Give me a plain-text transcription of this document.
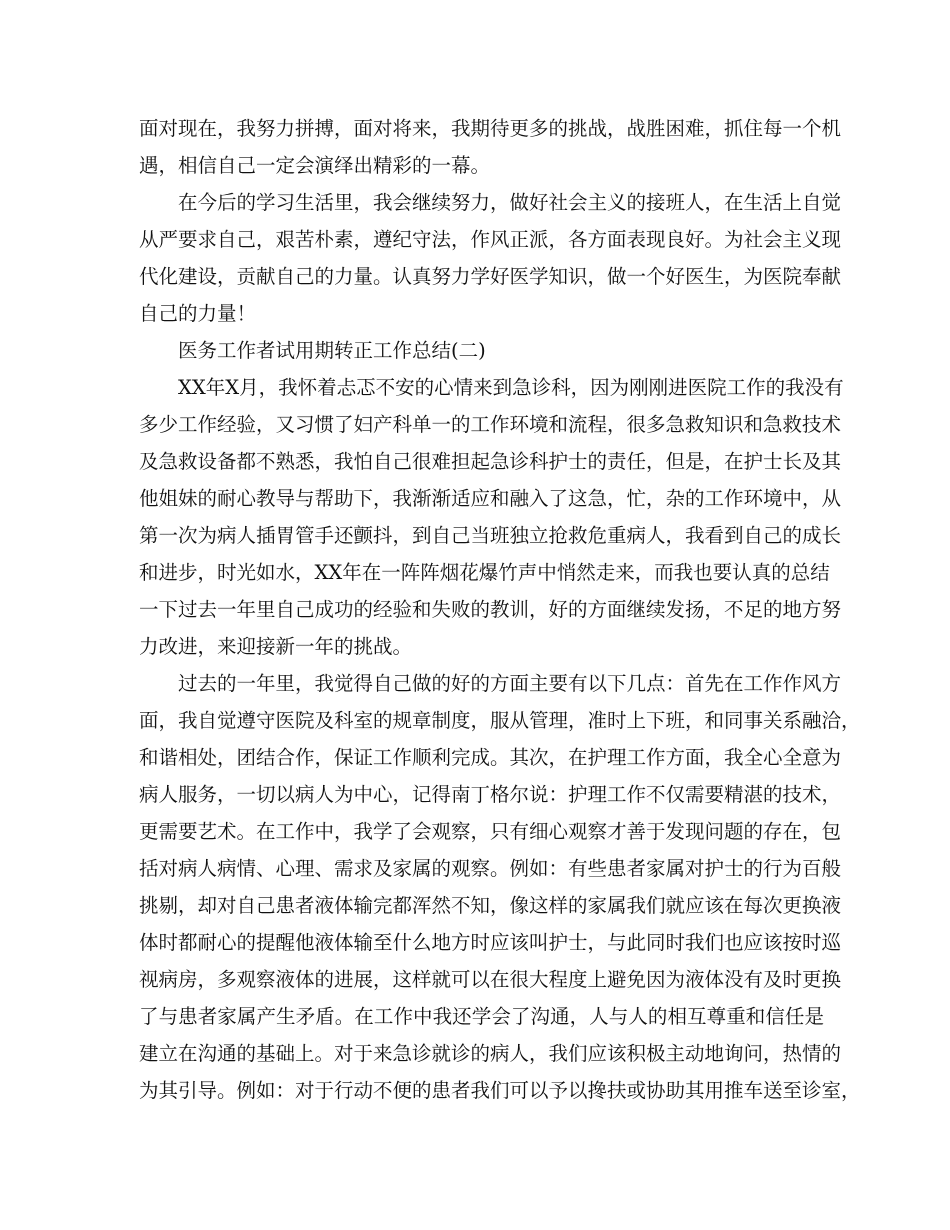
面对现在，我努力拼搏，面对将来，我期待更多的挑战，战胜困难，抓住每一个机
遇，相信自己一定会演绎出精彩的一幕。
在今后的学习生活里，我会继续努力，做好社会主义的接班人，在生活上自觉
从严要求自己，艰苦朴素，遵纪守法，作风正派，各方面表现良好。为社会主义现
代化建设，贡献自己的力量。认真努力学好医学知识，做一个好医生，为医院奉献
自己的力量！
医务工作者试用期转正工作总结(二)
XX年X月，我怀着忐忑不安的心情来到急诊科，因为刚刚进医院工作的我没有
多少工作经验，又习惯了妇产科单一的工作环境和流程，很多急救知识和急救技术
及急救设备都不熟悉，我怕自己很难担起急诊科护士的责任，但是，在护士长及其
他姐妹的耐心教导与帮助下，我渐渐适应和融入了这急，忙，杂的工作环境中，从
第一次为病人插胃管手还颤抖，到自己当班独立抢救危重病人，我看到自己的成长
和进步，时光如水，XX年在一阵阵烟花爆竹声中悄然走来，而我也要认真的总结
一下过去一年里自己成功的经验和失败的教训，好的方面继续发扬，不足的地方努
力改进，来迎接新一年的挑战。
过去的一年里，我觉得自己做的好的方面主要有以下几点：首先在工作作风方
面，我自觉遵守医院及科室的规章制度，服从管理，准时上下班，和同事关系融洽，
和谐相处，团结合作，保证工作顺利完成。其次，在护理工作方面，我全心全意为
病人服务，一切以病人为中心，记得南丁格尔说：护理工作不仅需要精湛的技术，
更需要艺术。在工作中，我学了会观察，只有细心观察才善于发现问题的存在，包
括对病人病情、心理、需求及家属的观察。例如：有些患者家属对护士的行为百般
挑剔，却对自己患者液体输完都浑然不知，像这样的家属我们就应该在每次更换液
体时都耐心的提醒他液体输至什么地方时应该叫护士，与此同时我们也应该按时巡
视病房，多观察液体的进展，这样就可以在很大程度上避免因为液体没有及时更换
了与患者家属产生矛盾。在工作中我还学会了沟通，人与人的相互尊重和信任是
建立在沟通的基础上。对于来急诊就诊的病人，我们应该积极主动地询问，热情的
为其引导。例如：对于行动不便的患者我们可以予以搀扶或协助其用推车送至诊室，
